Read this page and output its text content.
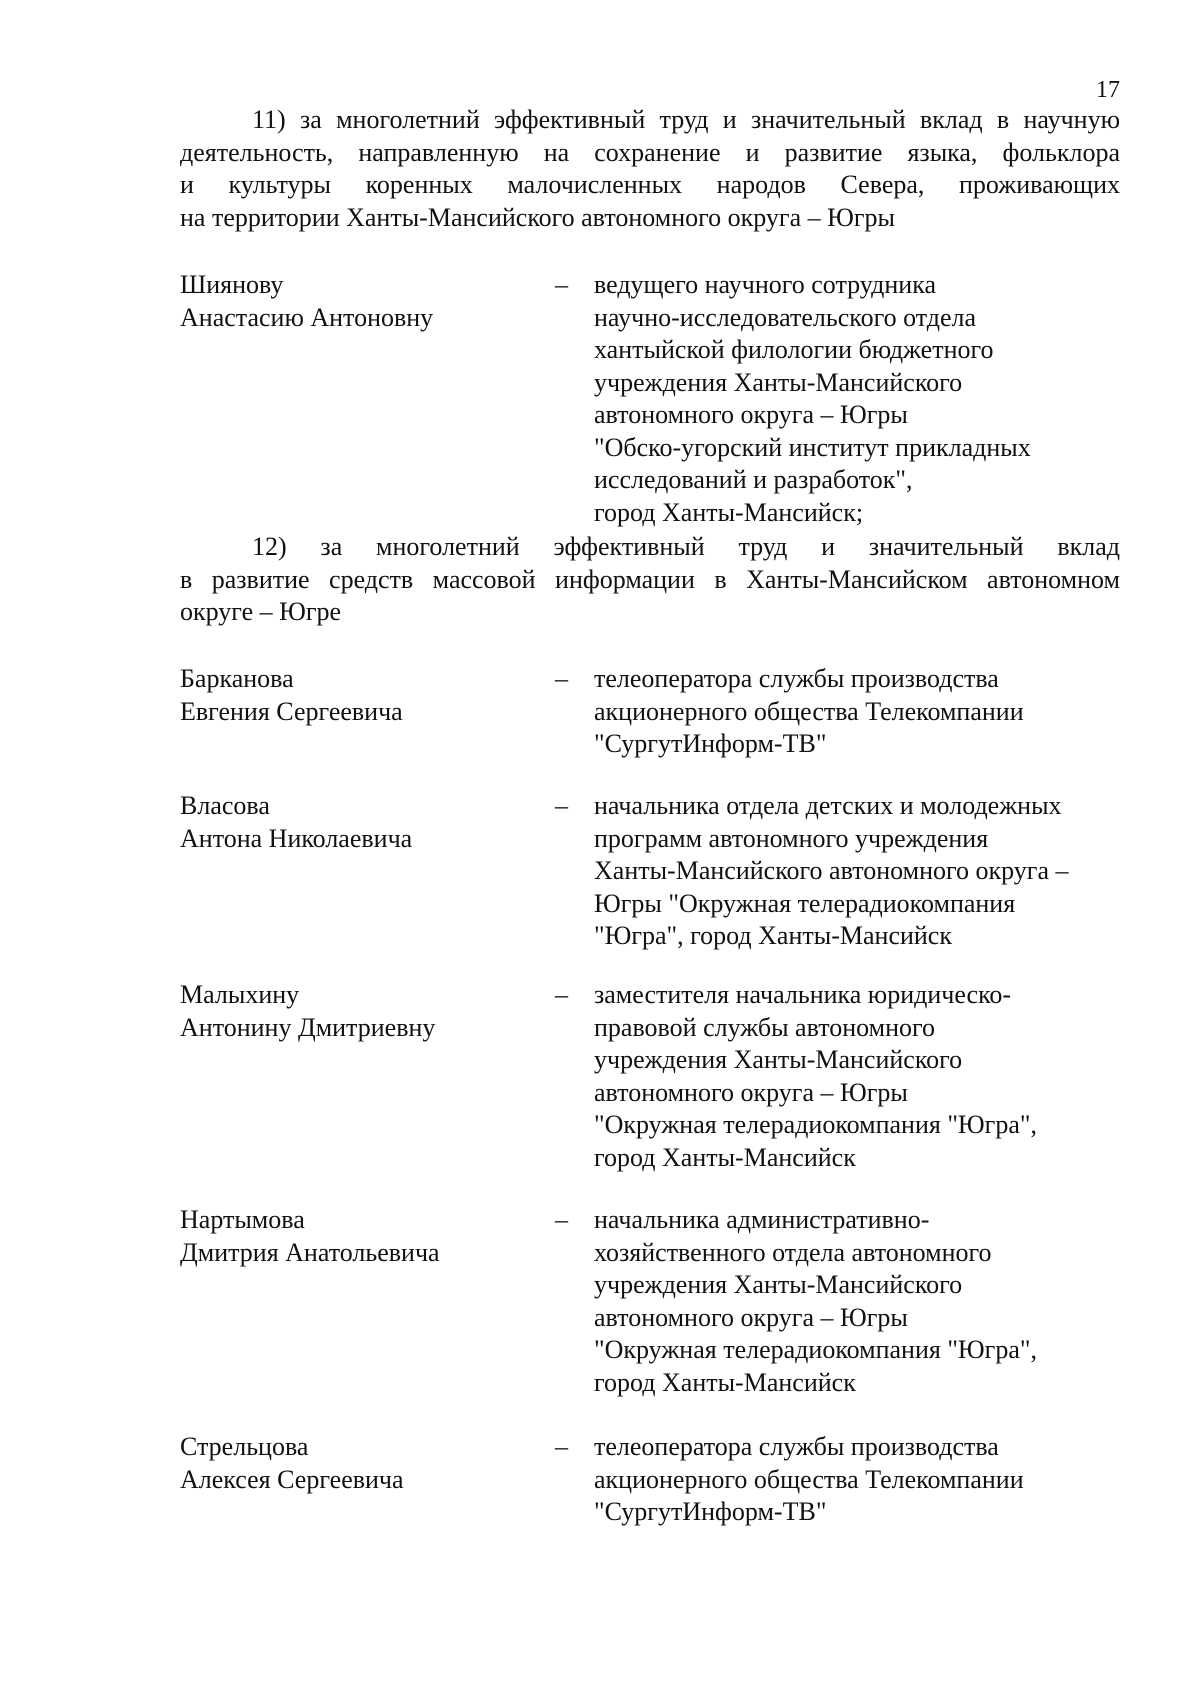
17
11) за многолетний эффективный труд и значительный вклад в научную
деятельность, направленную на сохранение и развитие языка, фольклора
и культуры коренных малочисленных народов Севера, проживающих
на территории Ханты-Мансийского автономного округа – Югры
Шиянову
Анастасию Антоновну
–	ведущего научного сотрудника
научно-исследовательского отдела
хантыйской филологии бюджетного
учреждения Ханты-Мансийского
автономного округа – Югры
"Обско-угорский институт прикладных
исследований и разработок",
город Ханты-Мансийск;
12) за многолетний эффективный труд и значительный вклад
в развитие средств массовой информации в Ханты-Мансийском автономном
округе – Югре
Барканова
Евгения Сергеевича
–	телеоператора службы производства
акционерного общества Телекомпании
"СургутИнформ-ТВ"
Власова
Антона Николаевича
–	начальника отдела детских и молодежных
программ автономного учреждения
Ханты-Мансийского автономного округа –
Югры "Окружная телерадиокомпания
"Югра", город Ханты-Мансийск
Малыхину
Антонину Дмитриевну
–	заместителя начальника юридическо-
правовой службы автономного
учреждения Ханты-Мансийского
автономного округа – Югры
"Окружная телерадиокомпания "Югра",
город Ханты-Мансийск
Нартымова
Дмитрия Анатольевича
–	начальника административно-
хозяйственного отдела автономного
учреждения Ханты-Мансийского
автономного округа – Югры
"Окружная телерадиокомпания "Югра",
город Ханты-Мансийск
Стрельцова
Алексея Сергеевича
–	телеоператора службы производства
акционерного общества Телекомпании
"СургутИнформ-ТВ"
